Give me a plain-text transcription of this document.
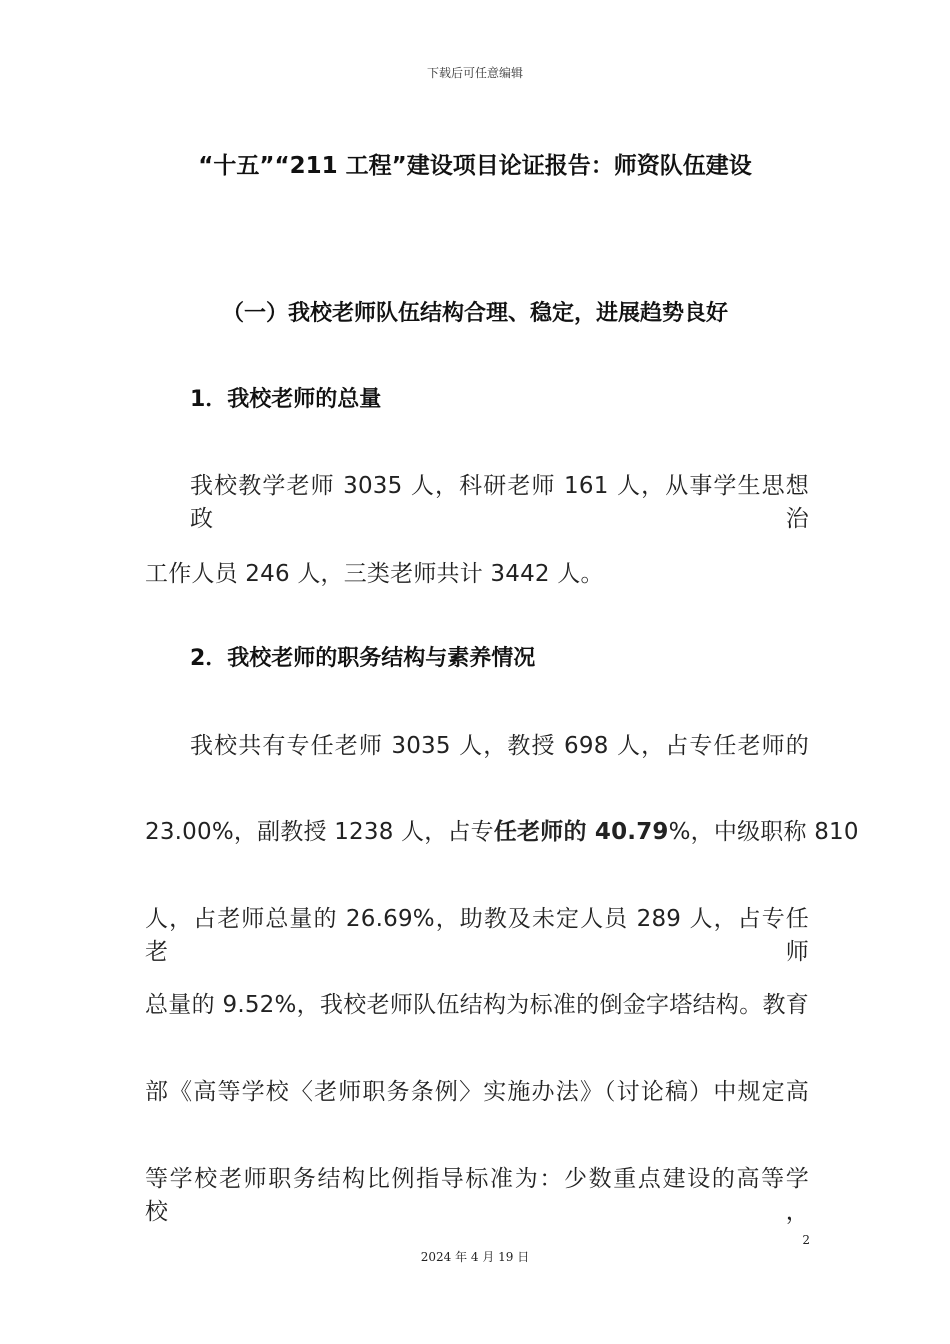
下载后可任意编辑
“十五”“211 工程”建设项目论证报告：师资队伍建设
（一）我校老师队伍结构合理、稳定，进展趋势良好
1．我校老师的总量
我校教学老师 3035 人，科研老师 161 人，从事学生思想政治
工作人员 246 人，三类老师共计 3442 人。
2．我校老师的职务结构与素养情况
我校共有专任老师 3035 人，教授 698 人，占专任老师的
23.00%，副教授 1238 人，占专任老师的 40.79%，中级职称 810
人，占老师总量的 26.69%，助教及未定人员 289 人，占专任老师
总量的 9.52%，我校老师队伍结构为标准的倒金字塔结构。教育
部《高等学校〈老师职务条例〉实施办法》（讨论稿）中规定高
等学校老师职务结构比例指导标准为：少数重点建设的高等学校，
2
2024 年 4 月 19 日
